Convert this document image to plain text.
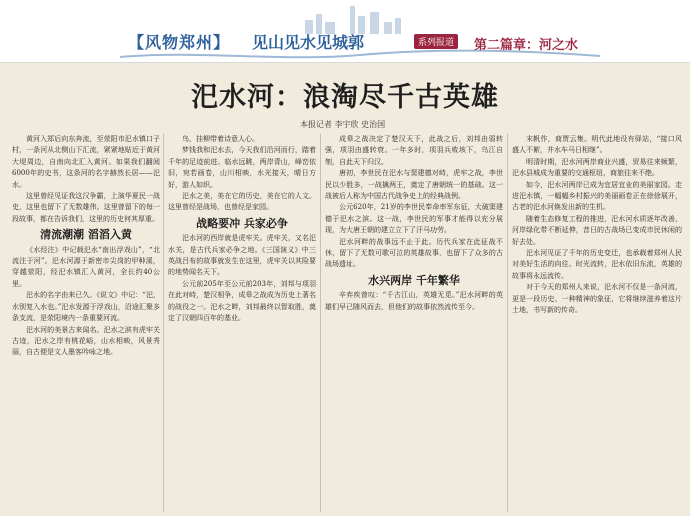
【风物郑州】 见山见水见城郭	系列报道	第二篇章：河之水
汜水河：浪淘尽千古英雄
本报记者 李宇欣 史治国

黄河入郑后向东奔流，至荥阳市汜水镇口子村，一条河从北侧山下汇流，紧紧地贴近于黄河大堤周边，自南向北汇入黄河。如果我们翻阅6000年的史书，这条河的名字赫然长居——汜水。

这里曾经见证我这汉争霸，上演华夏民一战史，这里也留下了无数雄伟。这里曾留下的每一段故事，都在告诉我们，这里的历史何其厚重。

清流潮潮 滔滔入黄

《水经注》中记载汜水“南出浮戏山”，“北流注于河”。汜水河源于新密市尖岗的甲种溪，穿越荥阳，经汜水镇汇入黄河，全长约40公里。

汜水的名字由来已久。《说文》中记：“汜，水别复入水也。”汜水发源于浮戏山，沿途汇聚多条支流，是荥阳境内一条重要河流。

汜水河的美景古来闻名。汜水之滨有虎牢关古迹，汜水之岸有桃花峪，山水相映，风景秀丽，自古便是文人墨客吟咏之地。

鸟，挂柳带着诗意人心。

梦钱我和汜水去，今天我们沿河而行，踏着千年的足迹前进。临水远眺，两岸青山，峰峦依旧，宛若画卷，山川相映，水光接天，晴日方好，游人如织。

汜水之美，美在它的历史，美在它的人文。这里曾经是战场，也曾经是家园。

战略要冲 兵家必争

汜水河的西岸就是虎牢关。虎牢关，又名汜水关，是古代兵家必争之地。《三国演义》中三英战吕布的故事就发生在这里，虎牢关以其险要的地势闻名天下。

公元前205年至公元前203年，刘邦与项羽在此对峙，楚汉相争，成皋之战成为历史上著名的战役之一。汜水之畔，刘邦最终以智取胜，奠定了汉朝四百年的基业。

成皋之战决定了楚汉天下，此战之后，刘邦由弱转强，项羽由盛转衰。一年多时，项羽兵败垓下，乌江自刎，自此天下归汉。

唐初，李世民在汜水与窦建德对峙，虎牢之战，李世民以少胜多，一战擒两王，奠定了唐朝统一的基础。这一战被后人称为中国古代战争史上的经典战例。

公元620年，21岁的李世民奉命率军东征，大破窦建德于汜水之滨。这一战，李世民的军事才能得以充分展现，为大唐王朝的建立立下了汗马功劳。

汜水河畔的战事远不止于此。历代兵家在此征战不休，留下了无数可歌可泣的英雄故事，也留下了众多的古战场遗址。

水兴两岸 千年繁华

辛弃疾曾叹：“千古江山，英雄无觅。”汜水河畔的英雄们早已随风而去，但他们的故事依然流传至今。

末帆作，商贾云集。明代此地设有驿站，“接口风盛人不絮，井水车马日相继”。

明清时期，汜水河两岸商业兴盛，贸易往来频繁，汜水县城成为重要的交通枢纽，商旅往来不绝。

如今，汜水河两岸已成为宜居宜业的美丽家园。走进汜水镇，一幅幅乡村振兴的美丽画卷正在徐徐展开，古老的汜水河焕发出新的生机。

随着生态修复工程的推进，汜水河水质逐年改善，河岸绿化带不断延伸，昔日的古战场已变成市民休闲的好去处。

汜水河见证了千年的历史变迁，也承载着郑州人民对美好生活的向往。时光流转，汜水依旧东流，英雄的故事将永远流传。

对于今天的郑州人来说，汜水河不仅是一条河流，更是一段历史、一种精神的象征，它将继续滋养着这片土地，书写新的传奇。
